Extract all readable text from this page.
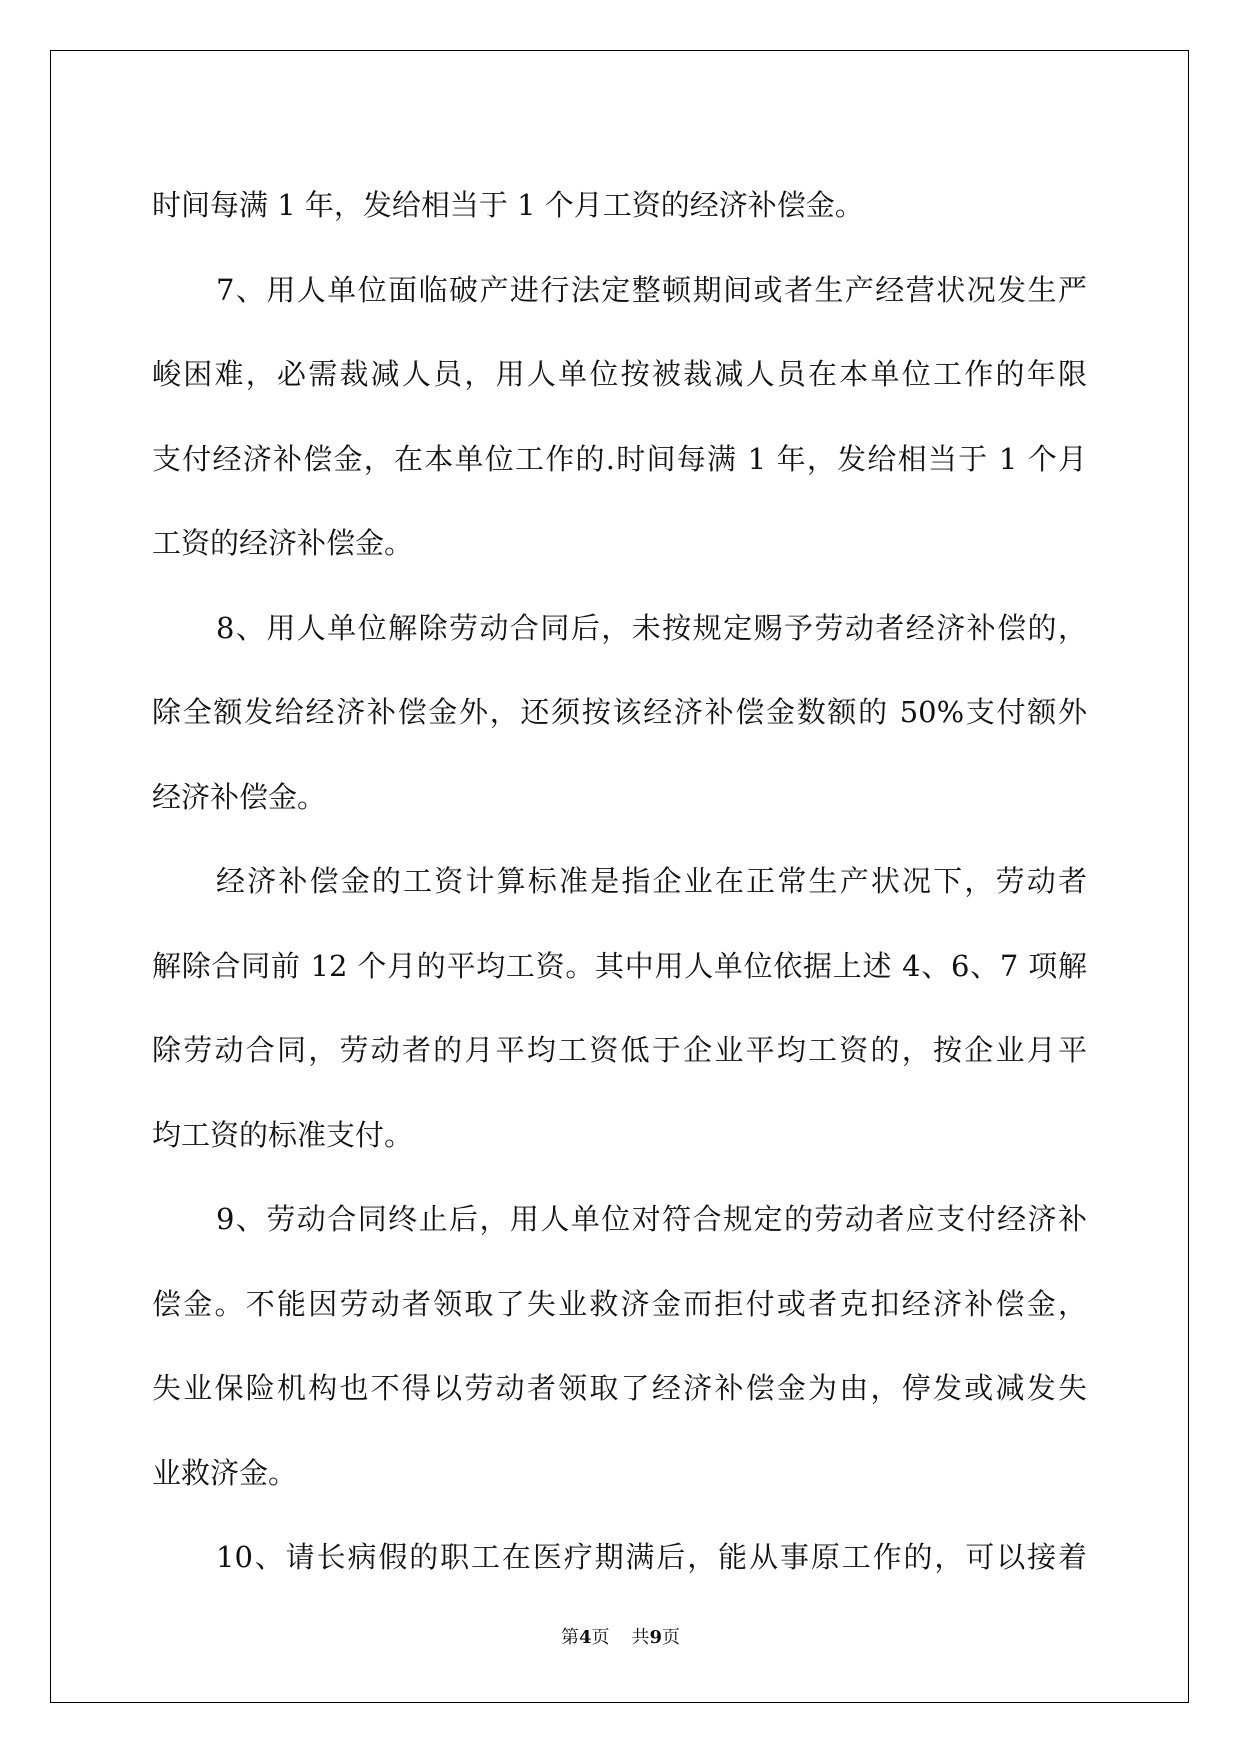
时间每满 1 年，发给相当于 1 个月工资的经济补偿金。
7、用人单位面临破产进行法定整顿期间或者生产经营状况发生严
峻困难，必需裁减人员，用人单位按被裁减人员在本单位工作的年限
支付经济补偿金，在本单位工作的.时间每满 1 年，发给相当于 1 个月
工资的经济补偿金。
8、用人单位解除劳动合同后，未按规定赐予劳动者经济补偿的，
除全额发给经济补偿金外，还须按该经济补偿金数额的 50%支付额外
经济补偿金。
经济补偿金的工资计算标准是指企业在正常生产状况下，劳动者
解除合同前 12 个月的平均工资。其中用人单位依据上述 4、6、7 项解
除劳动合同，劳动者的月平均工资低于企业平均工资的，按企业月平
均工资的标准支付。
9、劳动合同终止后，用人单位对符合规定的劳动者应支付经济补
偿金。不能因劳动者领取了失业救济金而拒付或者克扣经济补偿金，
失业保险机构也不得以劳动者领取了经济补偿金为由，停发或减发失
业救济金。
10、请长病假的职工在医疗期满后，能从事原工作的，可以接着
第4页 共9页
